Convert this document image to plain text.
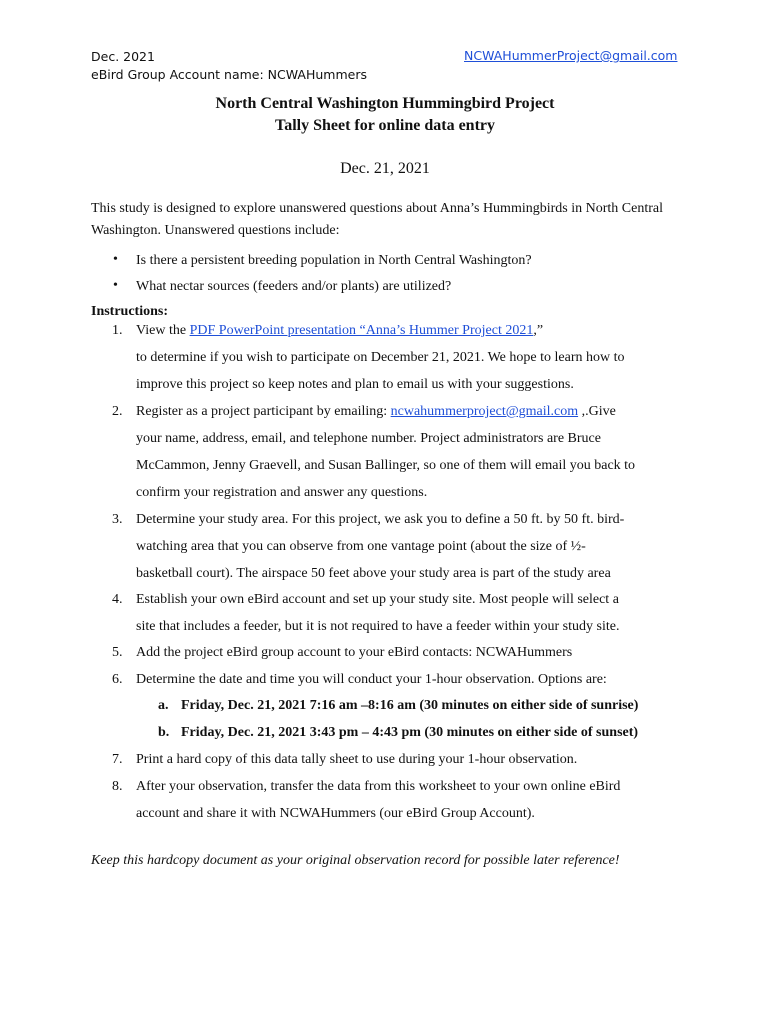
Dec. 2021
eBird Group Account name: NCWAHummers
NCWAHummerProject@gmail.com
North Central Washington Hummingbird Project
Tally Sheet for online data entry
Dec. 21, 2021
This study is designed to explore unanswered questions about Anna’s Hummingbirds in North Central Washington. Unanswered questions include:
• Is there a persistent breeding population in North Central Washington?
• What nectar sources (feeders and/or plants) are utilized?
Instructions:
1. View the PDF PowerPoint presentation “Anna’s Hummer Project 2021,”
to determine if you wish to participate on December 21, 2021. We hope to learn how to
improve this project so keep notes and plan to email us with your suggestions.
2. Register as a project participant by emailing: ncwahummerproject@gmail.com ,.Give
your name, address, email, and telephone number. Project administrators are Bruce
McCammon, Jenny Graevell, and Susan Ballinger, so one of them will email you back to
confirm your registration and answer any questions.
3. Determine your study area. For this project, we ask you to define a 50 ft. by 50 ft. bird-
watching area that you can observe from one vantage point (about the size of ½-
basketball court). The airspace 50 feet above your study area is part of the study area
4. Establish your own eBird account and set up your study site. Most people will select a
site that includes a feeder, but it is not required to have a feeder within your study site.
5. Add the project eBird group account to your eBird contacts: NCWAHummers
6. Determine the date and time you will conduct your 1-hour observation. Options are:
a. Friday, Dec. 21, 2021 7:16 am –8:16 am (30 minutes on either side of sunrise)
b. Friday, Dec. 21, 2021 3:43 pm – 4:43 pm (30 minutes on either side of sunset)
7. Print a hard copy of this data tally sheet to use during your 1-hour observation.
8. After your observation, transfer the data from this worksheet to your own online eBird
account and share it with NCWAHummers (our eBird Group Account).
Keep this hardcopy document as your original observation record for possible later reference!
